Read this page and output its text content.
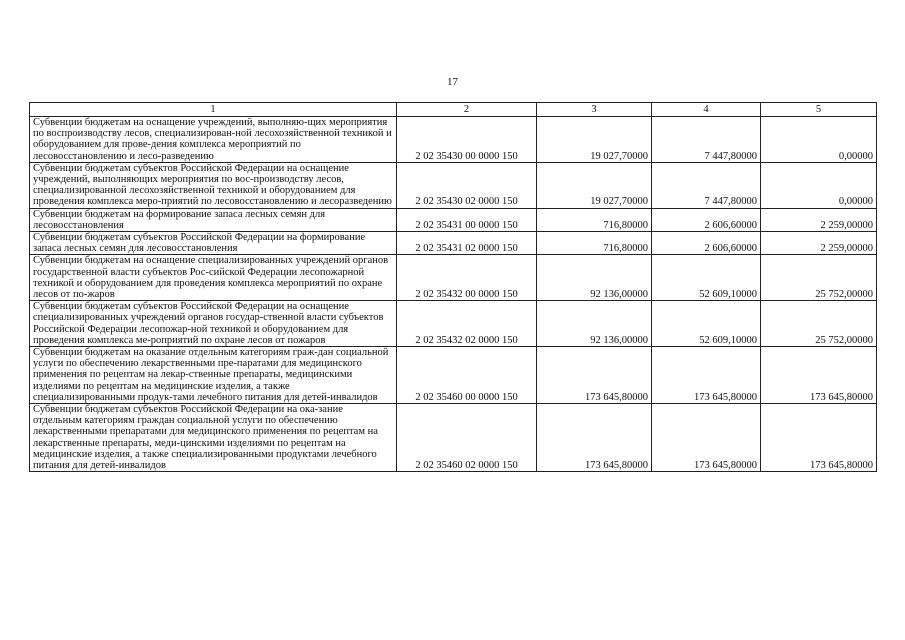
17
1	2	3	4	5
Субвенции бюджетам на оснащение учреждений, выполняю-щих мероприятия по воспроизводству лесов, специализирован-ной лесохозяйственной техникой и оборудованием для прове-дения комплекса мероприятий по лесовосстановлению и лесо-разведению	2 02 35430 00 0000 150	19 027,70000	7 447,80000	0,00000
Субвенции бюджетам субъектов Российской Федерации на оснащение учреждений, выполняющих мероприятия по вос-производству лесов, специализированной лесохозяйственной техникой и оборудованием для проведения комплекса меро-приятий по лесовосстановлению и лесоразведению	2 02 35430 02 0000 150	19 027,70000	7 447,80000	0,00000
Субвенции бюджетам на формирование запаса лесных семян для лесовосстановления	2 02 35431 00 0000 150	716,80000	2 606,60000	2 259,00000
Субвенции бюджетам субъектов Российской Федерации на формирование запаса лесных семян для лесовосстановления	2 02 35431 02 0000 150	716,80000	2 606,60000	2 259,00000
Субвенции бюджетам на оснащение специализированных учреждений органов государственной власти субъектов Рос-сийской Федерации лесопожарной техникой и оборудованием для проведения комплекса мероприятий по охране лесов от по-жаров	2 02 35432 00 0000 150	92 136,00000	52 609,10000	25 752,00000
Субвенции бюджетам субъектов Российской Федерации на оснащение специализированных учреждений органов государ-ственной власти субъектов Российской Федерации лесопожар-ной техникой и оборудованием для проведения комплекса ме-роприятий по охране лесов от пожаров	2 02 35432 02 0000 150	92 136,00000	52 609,10000	25 752,00000
Субвенции бюджетам на оказание отдельным категориям граж-дан социальной услуги по обеспечению лекарственными пре-паратами для медицинского применения по рецептам на лекар-ственные препараты, медицинскими изделиями по рецептам на медицинские изделия, а также специализированными продук-тами лечебного питания для детей-инвалидов	2 02 35460 00 0000 150	173 645,80000	173 645,80000	173 645,80000
Субвенции бюджетам субъектов Российской Федерации на ока-зание отдельным категориям граждан социальной услуги по обеспечению лекарственными препаратами для медицинского применения по рецептам на лекарственные препараты, меди-цинскими изделиями по рецептам на медицинские изделия, а также специализированными продуктами лечебного питания для детей-инвалидов	2 02 35460 02 0000 150	173 645,80000	173 645,80000	173 645,80000
